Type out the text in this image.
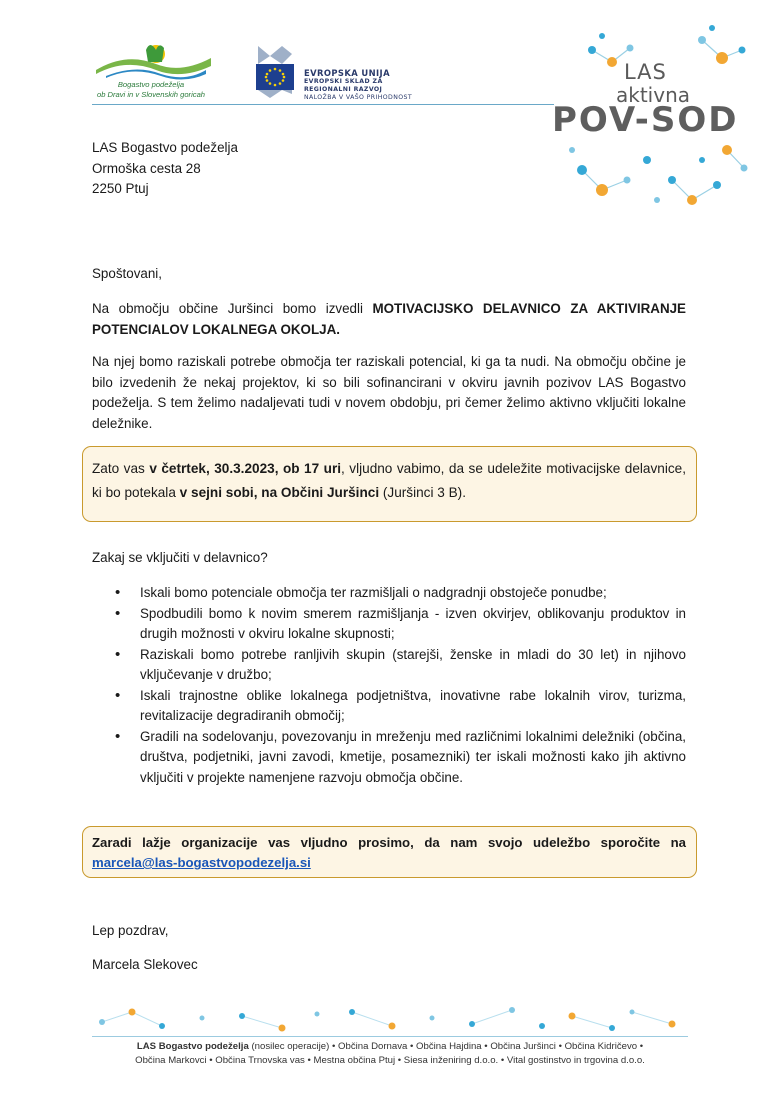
Bogastvo podeželja
ob Dravi in v Slovenskih goricah
EVROPSKA UNIJA
EVROPSKI SKLAD ZA
REGIONALNI RAZVOJ
NALOŽBA V VAŠO PRIHODNOST
LAS
aktivna
POV-SOD
LAS Bogastvo podeželja
Ormoška cesta 28
2250 Ptuj
Spoštovani,
Na območju občine Juršinci bomo izvedli MOTIVACIJSKO DELAVNICO ZA AKTIVIRANJE POTENCIALOV LOKALNEGA OKOLJA.
Na njej bomo raziskali potrebe območja ter raziskali potencial, ki ga ta nudi. Na območju občine je bilo izvedenih že nekaj projektov, ki so bili sofinancirani v okviru javnih pozivov LAS Bogastvo podeželja. S tem želimo nadaljevati tudi v novem obdobju, pri čemer želimo aktivno vključiti lokalne deležnike.
Zato vas v četrtek, 30.3.2023, ob 17 uri, vljudno vabimo, da se udeležite motivacijske delavnice, ki bo potekala v sejni sobi, na Občini Juršinci (Juršinci 3 B).
Zakaj se vključiti v delavnico?
• Iskali bomo potenciale območja ter razmišljali o nadgradnji obstoječe ponudbe;
• Spodbudili bomo k novim smerem razmišljanja - izven okvirjev, oblikovanju produktov in drugih možnosti v okviru lokalne skupnosti;
• Raziskali bomo potrebe ranljivih skupin (starejši, ženske in mladi do 30 let) in njihovo vključevanje v družbo;
• Iskali trajnostne oblike lokalnega podjetništva, inovativne rabe lokalnih virov, turizma, revitalizacije degradiranih območij;
• Gradili na sodelovanju, povezovanju in mreženju med različnimi lokalnimi deležniki (občina, društva, podjetniki, javni zavodi, kmetije, posamezniki) ter iskali možnosti kako jih aktivno vključiti v projekte namenjene razvoju območja občine.
Zaradi lažje organizacije vas vljudno prosimo, da nam svojo udeležbo sporočite na marcela@las-bogastvopodezelja.si
Lep pozdrav,
Marcela Slekovec
LAS Bogastvo podeželja (nosilec operacije) • Občina Dornava • Občina Hajdina • Občina Juršinci • Občina Kidričevo •
Občina Markovci • Občina Trnovska vas • Mestna občina Ptuj • Siesa inženiring d.o.o. • Vital gostinstvo in trgovina d.o.o.
